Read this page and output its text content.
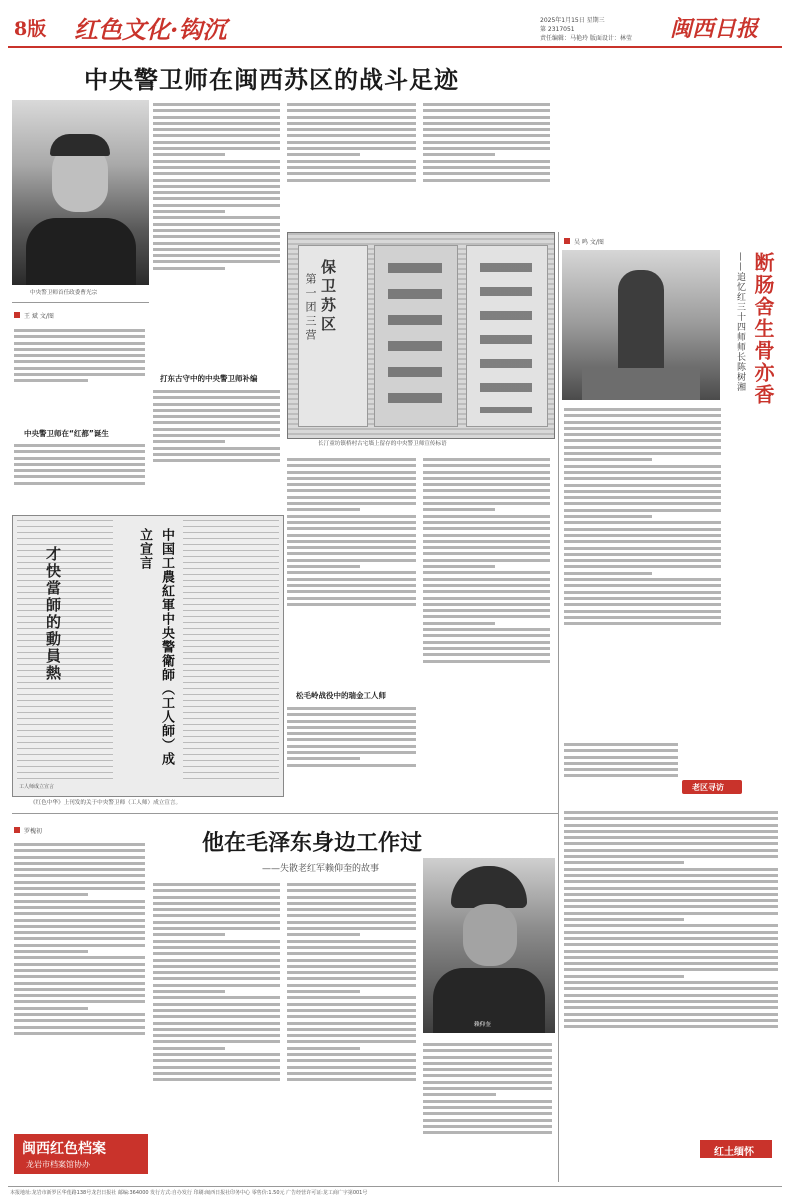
8版 红色文化·钩沉	2025年1月15日 星期三
第 2317051
责任编辑：马艳玲 版面设计：林莹 闽西日报
中央警卫师在闽西苏区的战斗足迹
中央警卫师首任政委曹光宗
王 斌 文/图
中央警卫师在“红都”诞生
打东古守中的中央警卫师补编
保卫苏区
第一团三营
长汀童坊镇桥村古宅墙上留存的中央警卫师宣传标语
松毛岭战役中的瑞金工人师
才快當師的動員熱	中国工農紅軍中央警衛師（工人師）成立宣言
工人师成立宣言
《红色中华》上刊发的关于中央警卫师（工人师）成立宣言。
吴 鸣 文/图
断肠舍生骨亦香
——追忆红三十四师师长陈树湘
老区寻访
红土缅怀
他在毛泽东身边工作过
——失散老红军赖仰奎的故事
罗槐初
赖仰奎
闽西红色档案
龙岩市档案馆协办
本报地址:龙岩市新罗区华莲路138号龙岩日报社 邮编:364000 发行方式:自办发行 印刷:闽西日报社印务中心 零售价:1.50元 广告经营许可证:龙工商广字第001号
